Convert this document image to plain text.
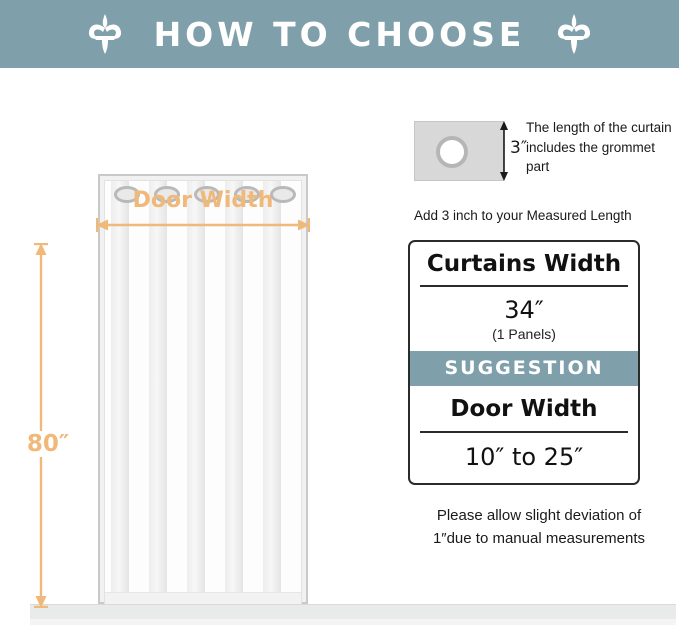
HOW TO CHOOSE
Door Width
80″
3″
The length of the curtain includes the grommet part
Add 3 inch to your Measured Length
Curtains Width
34″
(1 Panels)
SUGGESTION
Door Width
10″ to 25″
Please allow slight deviation of
1″due to manual measurements
